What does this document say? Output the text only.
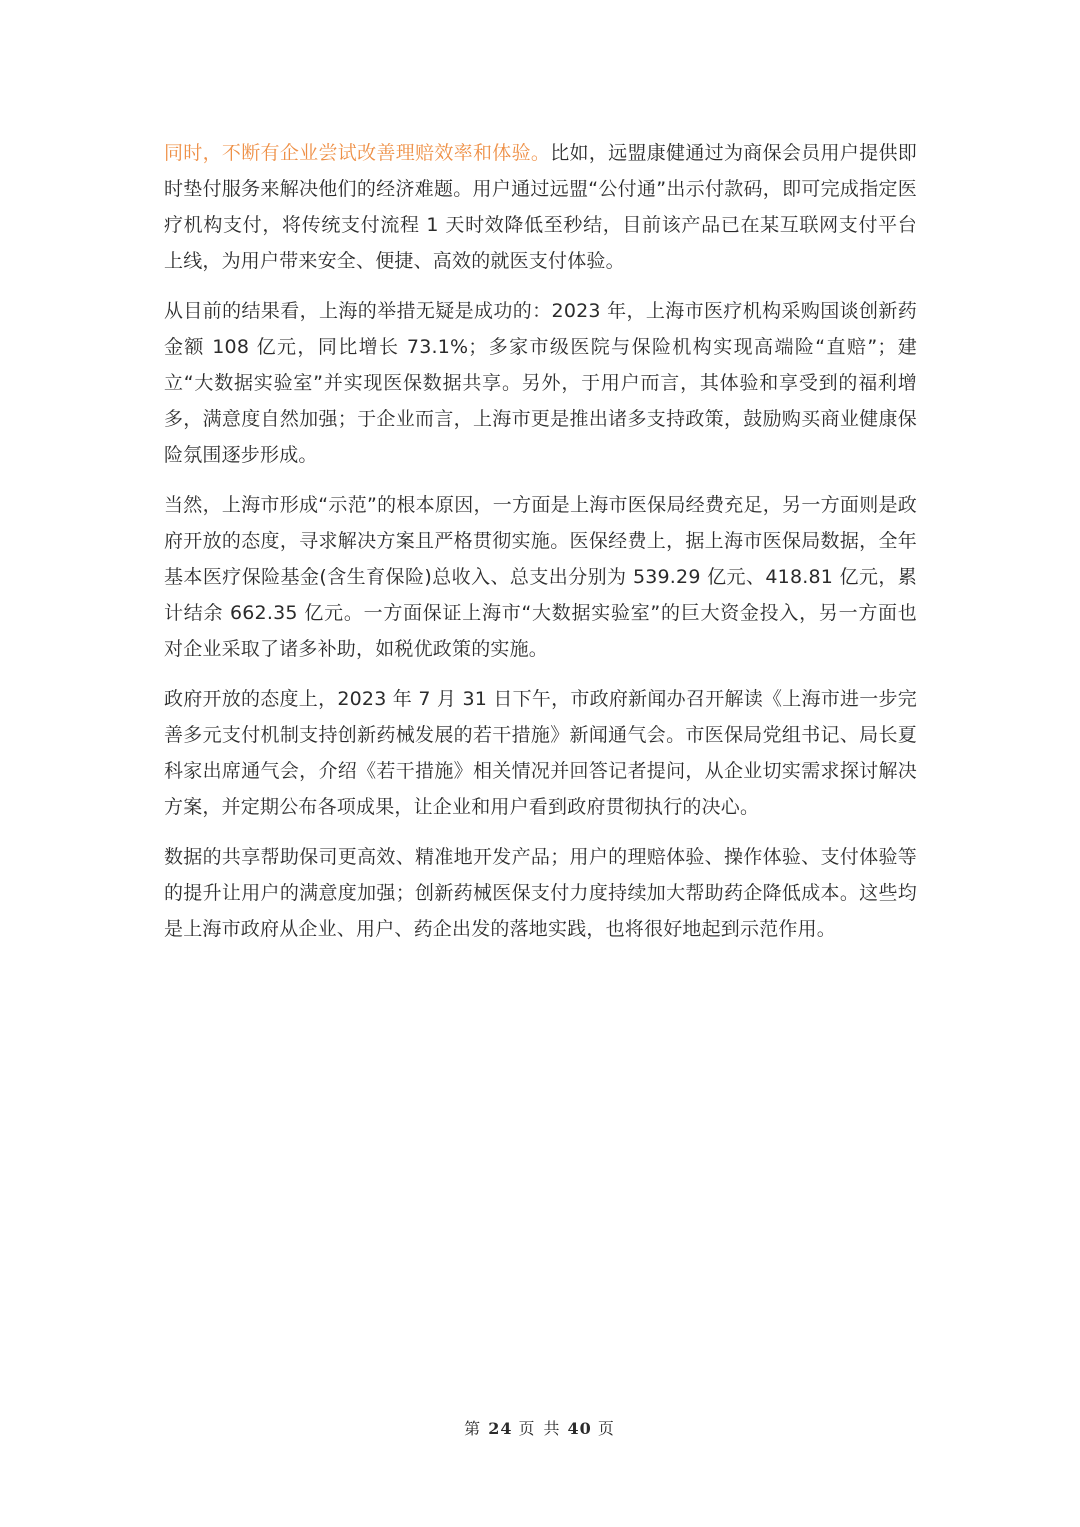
同时，不断有企业尝试改善理赔效率和体验。比如，远盟康健通过为商保会员用户提供即时垫付服务来解决他们的经济难题。用户通过远盟“公付通”出示付款码，即可完成指定医疗机构支付，将传统支付流程 1 天时效降低至秒结，目前该产品已在某互联网支付平台上线，为用户带来安全、便捷、高效的就医支付体验。

从目前的结果看，上海的举措无疑是成功的：2023 年，上海市医疗机构采购国谈创新药金额 108 亿元，同比增长 73.1%；多家市级医院与保险机构实现高端险“直赔”；建立“大数据实验室”并实现医保数据共享。另外，于用户而言，其体验和享受到的福利增多，满意度自然加强；于企业而言，上海市更是推出诸多支持政策，鼓励购买商业健康保险氛围逐步形成。

当然，上海市形成“示范”的根本原因，一方面是上海市医保局经费充足，另一方面则是政府开放的态度，寻求解决方案且严格贯彻实施。医保经费上，据上海市医保局数据，全年基本医疗保险基金(含生育保险)总收入、总支出分别为 539.29 亿元、418.81 亿元，累计结余 662.35 亿元。一方面保证上海市“大数据实验室”的巨大资金投入，另一方面也对企业采取了诸多补助，如税优政策的实施。

政府开放的态度上，2023 年 7 月 31 日下午，市政府新闻办召开解读《上海市进一步完善多元支付机制支持创新药械发展的若干措施》新闻通气会。市医保局党组书记、局长夏科家出席通气会，介绍《若干措施》相关情况并回答记者提问，从企业切实需求探讨解决方案，并定期公布各项成果，让企业和用户看到政府贯彻执行的决心。

数据的共享帮助保司更高效、精准地开发产品；用户的理赔体验、操作体验、支付体验等的提升让用户的满意度加强；创新药械医保支付力度持续加大帮助药企降低成本。这些均是上海市政府从企业、用户、药企出发的落地实践，也将很好地起到示范作用。

第 24 页 共 40 页
